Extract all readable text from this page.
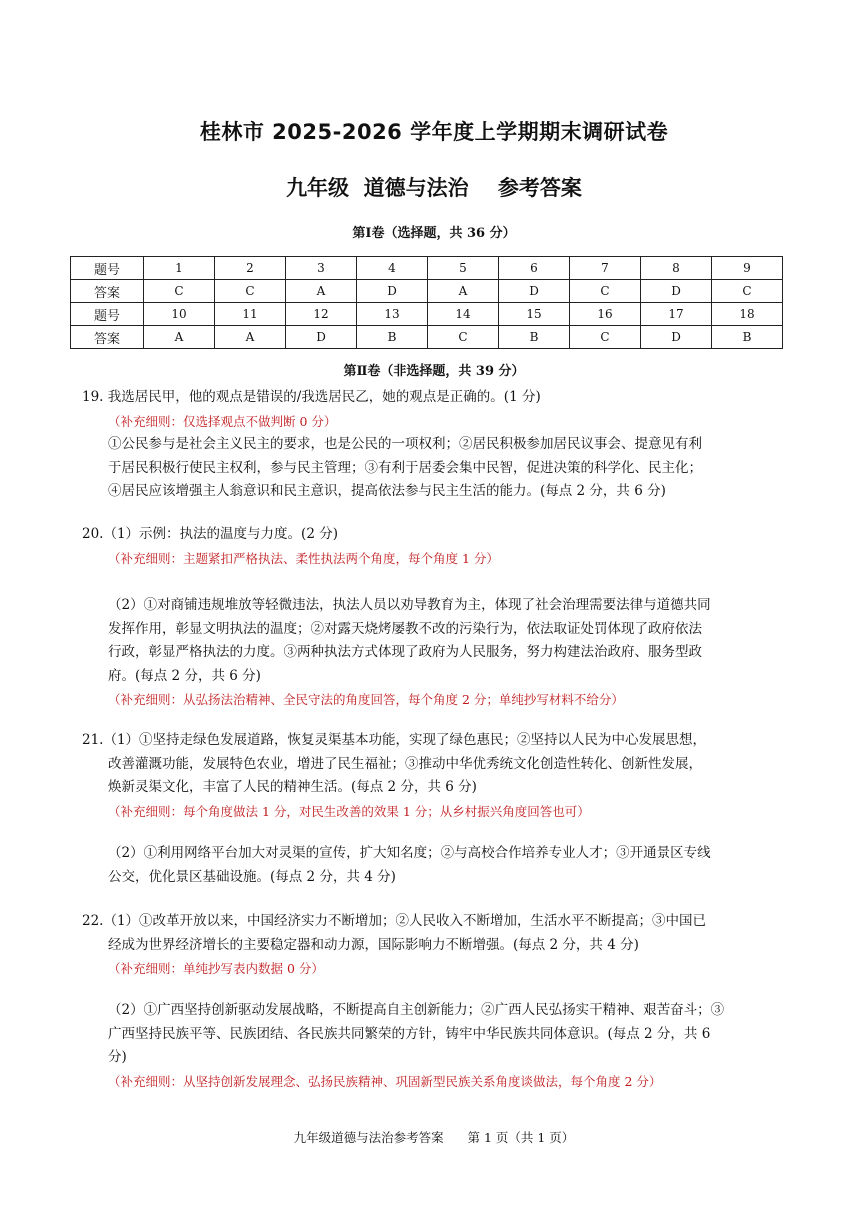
桂林市 2025-2026 学年度上学期期末调研试卷
九年级  道德与法治    参考答案
第Ⅰ卷（选择题，共 36 分）
题号	1	2	3	4	5	6	7	8	9
答案	C	C	A	D	A	D	C	D	C
题号	10	11	12	13	14	15	16	17	18
答案	A	A	D	B	C	B	C	D	B
第Ⅱ卷（非选择题，共 39 分）
19. 我选居民甲，他的观点是错误的/我选居民乙，她的观点是正确的。(1 分)
（补充细则：仅选择观点不做判断 0 分）
①公民参与是社会主义民主的要求，也是公民的一项权利；②居民积极参加居民议事会、提意见有利
于居民积极行使民主权利，参与民主管理；③有利于居委会集中民智，促进决策的科学化、民主化；
④居民应该增强主人翁意识和民主意识，提高依法参与民主生活的能力。(每点 2 分，共 6 分)
20.（1）示例：执法的温度与力度。(2 分)
（补充细则：主题紧扣严格执法、柔性执法两个角度，每个角度 1 分）
（2）①对商铺违规堆放等轻微违法，执法人员以劝导教育为主，体现了社会治理需要法律与道德共同
发挥作用，彰显文明执法的温度；②对露天烧烤屡教不改的污染行为，依法取证处罚体现了政府依法
行政，彰显严格执法的力度。③两种执法方式体现了政府为人民服务，努力构建法治政府、服务型政
府。(每点 2 分，共 6 分)
（补充细则：从弘扬法治精神、全民守法的角度回答，每个角度 2 分；单纯抄写材料不给分）
21.（1）①坚持走绿色发展道路，恢复灵渠基本功能，实现了绿色惠民；②坚持以人民为中心发展思想，
改善灌溉功能，发展特色农业，增进了民生福祉；③推动中华优秀统文化创造性转化、创新性发展，
焕新灵渠文化，丰富了人民的精神生活。(每点 2 分，共 6 分)
（补充细则：每个角度做法 1 分，对民生改善的效果 1 分；从乡村振兴角度回答也可）
（2）①利用网络平台加大对灵渠的宣传，扩大知名度；②与高校合作培养专业人才；③开通景区专线
公交，优化景区基础设施。(每点 2 分，共 4 分)
22.（1）①改革开放以来，中国经济实力不断增加；②人民收入不断增加，生活水平不断提高；③中国已
经成为世界经济增长的主要稳定器和动力源，国际影响力不断增强。(每点 2 分，共 4 分)
（补充细则：单纯抄写表内数据 0 分）
（2）①广西坚持创新驱动发展战略，不断提高自主创新能力；②广西人民弘扬实干精神、艰苦奋斗；③
广西坚持民族平等、民族团结、各民族共同繁荣的方针，铸牢中华民族共同体意识。(每点 2 分，共 6
分)
（补充细则：从坚持创新发展理念、弘扬民族精神、巩固新型民族关系角度谈做法，每个角度 2 分）
九年级道德与法治参考答案      第 1 页（共 1 页）
